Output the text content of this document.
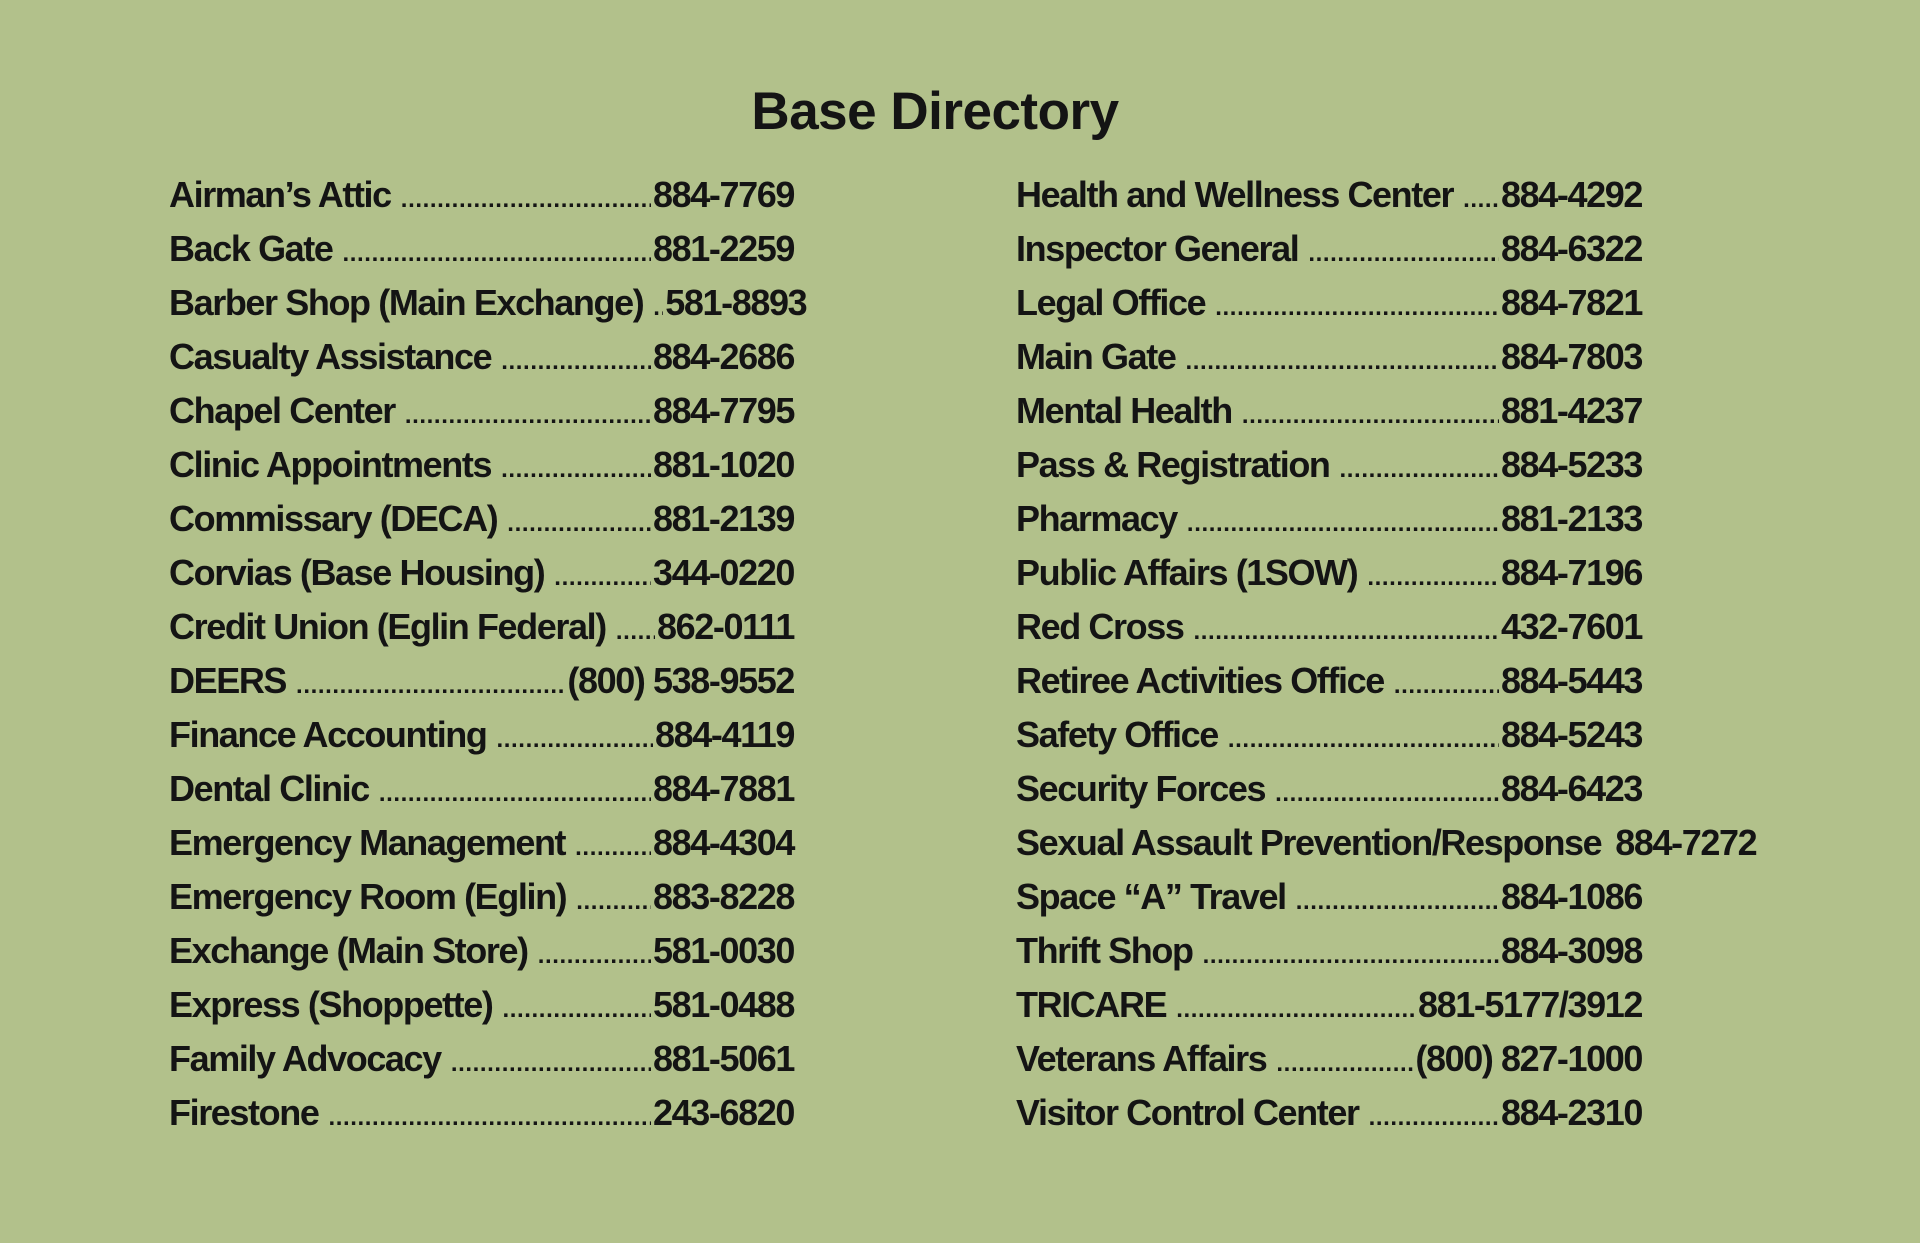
Base Directory
Airman’s Attic .....	884-7769
Back Gate .....	881-2259
Barber Shop (Main Exchange) ..... 581-8893
Casualty Assistance .....	884-2686
Chapel Center .....	884-7795
Clinic Appointments .....	881-1020
Commissary (DECA) .....	881-2139
Corvias (Base Housing) .....	344-0220
Credit Union (Eglin Federal) ..... 862-0111
DEERS .....	(800) 538-9552
Finance Accounting .....	884-4119
Dental Clinic .....	884-7881
Emergency Management ..... 884-4304
Emergency Room (Eglin) ..... 883-8228
Exchange (Main Store) .....	581-0030
Express (Shoppette) .....	581-0488
Family Advocacy .....	881-5061
Firestone .....	243-6820
Health and Wellness Center ..... 884-4292
Inspector General .....	884-6322
Legal Office .....	884-7821
Main Gate .....	884-7803
Mental Health .....	881-4237
Pass & Registration .....	884-5233
Pharmacy .....	881-2133
Public Affairs (1SOW) .....	884-7196
Red Cross .....	432-7601
Retiree Activities Office .....	884-5443
Safety Office .....	884-5243
Security Forces .....	884-6423
Sexual Assault Prevention/Response 884-7272
Space “A” Travel .....	884-1086
Thrift Shop .....	884-3098
TRICARE .....	881-5177/3912
Veterans Affairs .....	(800) 827-1000
Visitor Control Center .....	884-2310
